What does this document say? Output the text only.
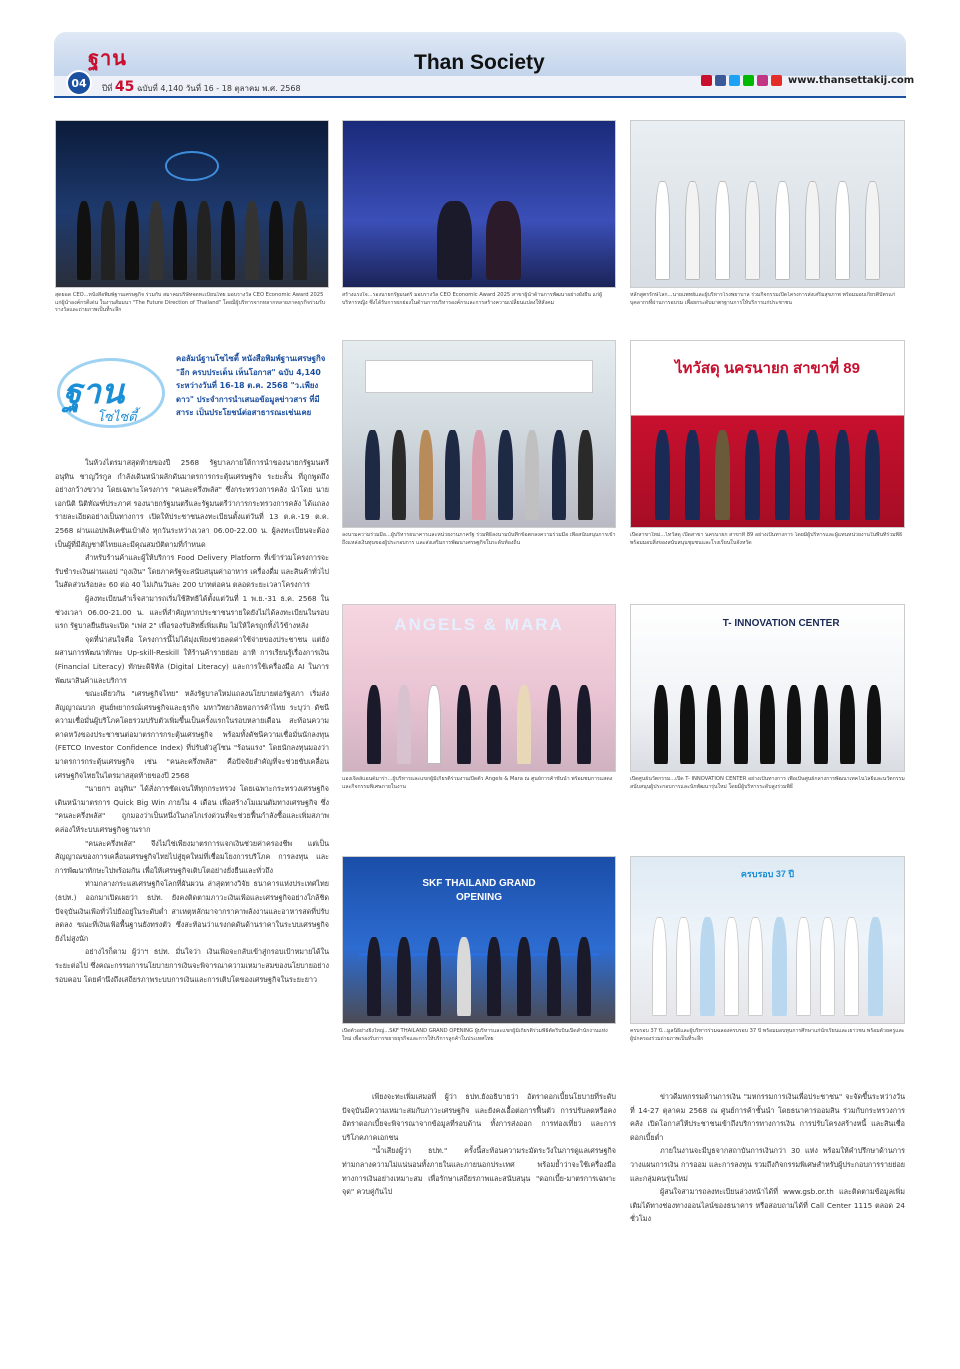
ฐาน	Than Society
04	ปีที่ 45 ฉบับที่ 4,140 วันที่ 16 - 18 ตุลาคม พ.ศ. 2568
www.thansettakij.com
สุดยอด CEO...หนังสือพิมพ์ฐานเศรษฐกิจ ร่วมกับ สมาคมบริษัทจดทะเบียนไทย มอบรางวัล CEO Economic Award 2025 แก่ผู้นำองค์กรดีเด่น ในงานสัมมนา "The Future Direction of Thailand" โดยมีผู้บริหารจากหลากหลายภาคธุรกิจร่วมรับรางวัลและถ่ายภาพเป็นที่ระลึก
สร้างแรงใจ...รองนายกรัฐมนตรี มอบรางวัล CEO Economic Award 2025 สาขาผู้นำด้านการพัฒนาอย่างยั่งยืน แก่ผู้บริหารหญิง ซึ่งได้รับการยกย่องในด้านการบริหารองค์กรและการสร้างความเปลี่ยนแปลงให้สังคม
หลักสูตรรักษ์โลก...นายแพทย์และผู้บริหารโรงพยาบาล ร่วมกิจกรรมเปิดโครงการส่งเสริมสุขภาพ พร้อมมอบเกียรติบัตรแก่บุคลากรที่ผ่านการอบรม เพื่อยกระดับมาตรฐานการให้บริการแก่ประชาชน
ฐาน
โซไซตี้
คอลัมน์ฐานโซไซตี้ หนังสือพิมพ์ฐานเศรษฐกิจ "อีก ครบประเด็น เห็นโอกาส" ฉบับ 4,140 ระหว่างวันที่ 16-18 ต.ค. 2568 "ว.เพียงดาว" ประจำการนำเสนอข้อมูลข่าวสาร ที่มีสาระ เป็นประโยชน์ต่อสาธารณะเช่นเคย

ในห้วงไตรมาสสุดท้ายของปี 2568 รัฐบาลภายใต้การนำของนายกรัฐมนตรี อนุทิน ชาญวีรกูล กำลังเดินหน้าผลักดันมาตรการกระตุ้นเศรษฐกิจ ระยะสั้น ที่ถูกพูดถึงอย่างกว้างขวาง โดยเฉพาะโครงการ "คนละครึ่งพลัส" ซึ่งกระทรวงการคลัง นำโดย นายเอกนิติ นิติทัณฑ์ประภาศ รองนายกรัฐมนตรีและรัฐมนตรีว่าการกระทรวงการคลัง ได้แถลงรายละเอียดอย่างเป็นทางการ เปิดให้ประชาชนลงทะเบียนตั้งแต่วันที่ 13 ต.ค.-19 ต.ค. 2568 ผ่านแอปพลิเคชันเป๋าตัง ทุกวันระหว่างเวลา 06.00-22.00 น. ผู้ลงทะเบียนจะต้องเป็นผู้ที่มีสัญชาติไทยและมีคุณสมบัติตามที่กำหนด

สำหรับร้านค้าและผู้ให้บริการ Food Delivery Platform ที่เข้าร่วมโครงการจะรับชำระเงินผ่านแอป "ถุงเงิน" โดยภาครัฐจะสนับสนุนค่าอาหาร เครื่องดื่ม และสินค้าทั่วไป ในสัดส่วนร้อยละ 60 ต่อ 40 ไม่เกินวันละ 200 บาทต่อคน ตลอดระยะเวลาโครงการ

ผู้ลงทะเบียนสำเร็จสามารถเริ่มใช้สิทธิได้ตั้งแต่วันที่ 1 พ.ย.-31 ธ.ค. 2568 ในช่วงเวลา 06.00-21.00 น. และที่สำคัญหากประชาชนรายใดยังไม่ได้ลงทะเบียนในรอบแรก รัฐบาลยืนยันจะเปิด "เฟส 2" เพื่อรองรับสิทธิ์เพิ่มเติม ไม่ให้ใครถูกทิ้งไว้ข้างหลัง

จุดที่น่าสนใจคือ โครงการนี้ไม่ได้มุ่งเพียงช่วยลดค่าใช้จ่ายของประชาชน แต่ยังผสานการพัฒนาทักษะ Up-skill-Reskill ให้ร้านค้ารายย่อย อาทิ การเรียนรู้เรื่องการเงิน (Financial Literacy) ทักษะดิจิทัล (Digital Literacy) และการใช้เครื่องมือ AI ในการพัฒนาสินค้าและบริการ

ขณะเดียวกัน "เศรษฐกิจไทย" หลังรัฐบาลใหม่แถลงนโยบายต่อรัฐสภา เริ่มส่งสัญญาณบวก ศูนย์พยากรณ์เศรษฐกิจและธุรกิจ มหาวิทยาลัยหอการค้าไทย ระบุว่า ดัชนีความเชื่อมั่นผู้บริโภคโดยรวมปรับตัวเพิ่มขึ้นเป็นครั้งแรกในรอบหลายเดือน สะท้อนความคาดหวังของประชาชนต่อมาตรการกระตุ้นเศรษฐกิจ พร้อมทั้งดัชนีความเชื่อมั่นนักลงทุน (FETCO Investor Confidence Index) ที่ปรับตัวสู่โซน "ร้อนแรง" โดยนักลงทุนมองว่ามาตรการกระตุ้นเศรษฐกิจ เช่น "คนละครึ่งพลัส" คือปัจจัยสำคัญที่จะช่วยขับเคลื่อนเศรษฐกิจไทยในไตรมาสสุดท้ายของปี 2568

"นายกฯ อนุทิน" ได้สั่งการชัดเจนให้ทุกกระทรวง โดยเฉพาะกระทรวงเศรษฐกิจ เดินหน้ามาตรการ Quick Big Win ภายใน 4 เดือน เพื่อสร้างโมเมนตัมทางเศรษฐกิจ ซึ่ง "คนละครึ่งพลัส" ถูกมองว่าเป็นหนึ่งในกลไกเร่งด่วนที่จะช่วยฟื้นกำลังซื้อและเพิ่มสภาพคล่องให้ระบบเศรษฐกิจฐานราก

"คนละครึ่งพลัส" จึงไม่ใช่เพียงมาตรการแจกเงินช่วยค่าครองชีพ แต่เป็นสัญญาณของการเคลื่อนเศรษฐกิจไทยไปสู่ยุคใหม่ที่เชื่อมโยงการบริโภค การลงทุน และการพัฒนาทักษะไปพร้อมกัน เพื่อให้เศรษฐกิจเติบโตอย่างยั่งยืนและทั่วถึง

ท่ามกลางกระแสเศรษฐกิจโลกที่ผันผวน ล่าสุดทางวิจัย ธนาคารแห่งประเทศไทย (ธปท.) ออกมาเปิดเผยว่า ธปท. ยังคงติดตามภาวะเงินเฟ้อและเศรษฐกิจอย่างใกล้ชิด ปัจจุบันเงินเฟ้อทั่วไปยังอยู่ในระดับต่ำ สาเหตุหลักมาจากราคาพลังงานและอาหารสดที่ปรับลดลง ขณะที่เงินเฟ้อพื้นฐานยังทรงตัว ซึ่งสะท้อนว่าแรงกดดันด้านราคาในระบบเศรษฐกิจยังไม่สูงนัก

อย่างไรก็ตาม ผู้ว่าฯ ธปท. มั่นใจว่า เงินเฟ้อจะกลับเข้าสู่กรอบเป้าหมายได้ในระยะต่อไป ซึ่งคณะกรรมการนโยบายการเงินจะพิจารณาความเหมาะสมของนโยบายอย่างรอบคอบ โดยคำนึงถึงเสถียรภาพระบบการเงินและการเติบโตของเศรษฐกิจในระยะยาว

ไทวัสดุ นครนายก สาขาที่ 89
ลงนามความร่วมมือ...ผู้บริหารธนาคารและหน่วยงานภาครัฐ ร่วมพิธีลงนามบันทึกข้อตกลงความร่วมมือ เพื่อสนับสนุนการเข้าถึงแหล่งเงินทุนของผู้ประกอบการ และส่งเสริมการพัฒนาเศรษฐกิจในระดับท้องถิ่น
เปิดสาขาใหม่...ไทวัสดุ เปิดสาขา นครนายก สาขาที่ 89 อย่างเป็นทางการ โดยมีผู้บริหารและผู้แทนหน่วยงานในพื้นที่ร่วมพิธี พร้อมมอบสิ่งของสนับสนุนชุมชนและโรงเรียนในจังหวัด
ANGELS & MARA	T- INNOVATION CENTER
แองเจิ้ลส์แอนด์มาร่า...ผู้บริหารและแขกผู้มีเกียรติร่วมงานเปิดตัว Angels & Mara ณ ศูนย์การค้าชั้นนำ พร้อมชมการแสดงและกิจกรรมพิเศษภายในงาน
เปิดศูนย์นวัตกรรม...เปิด T- INNOVATION CENTER อย่างเป็นทางการ เพื่อเป็นศูนย์กลางการพัฒนาเทคโนโลยีและนวัตกรรม สนับสนุนผู้ประกอบการและนักพัฒนารุ่นใหม่ โดยมีผู้บริหารระดับสูงร่วมพิธี
SKF THAILAND GRAND OPENING
ครบรอบ 37 ปี
เปิดตัวอย่างยิ่งใหญ่...SKF THAILAND GRAND OPENING ผู้บริหารและแขกผู้มีเกียรติร่วมพิธีตัดริบบิ้นเปิดสำนักงานแห่งใหม่ เพื่อรองรับการขยายธุรกิจและการให้บริการลูกค้าในประเทศไทย
ครบรอบ 37 ปี...มูลนิธิและผู้บริหารร่วมฉลองครบรอบ 37 ปี พร้อมมอบทุนการศึกษาแก่นักเรียนและเยาวชน พร้อมด้วยครูและผู้ปกครองร่วมถ่ายภาพเป็นที่ระลึก

เพียงจะทะเพิ่มเสมอที่ ผู้ว่า ธปท.ยังอธิบายว่า อัตราดอกเบี้ยนโยบายที่ระดับปัจจุบันมีความเหมาะสมกับภาวะเศรษฐกิจ และยังคงเอื้อต่อการฟื้นตัว การปรับลดหรือคงอัตราดอกเบี้ยจะพิจารณาจากข้อมูลที่รอบด้าน ทั้งการส่งออก การท่องเที่ยว และการบริโภคภาคเอกชน

"น้ำเสียงผู้ว่า ธปท." ครั้งนี้สะท้อนความระมัดระวังในการดูแลเศรษฐกิจ ท่ามกลางความไม่แน่นอนทั้งภายในและภายนอกประเทศ พร้อมย้ำว่าจะใช้เครื่องมือทางการเงินอย่างเหมาะสม เพื่อรักษาเสถียรภาพและสนับสนุน "ดอกเบี้ย-มาตรการเฉพาะจุด" ควบคู่กันไป

ข่าวดีมหกรรมด้านการเงิน "มหกรรมการเงินเพื่อประชาชน" จะจัดขึ้นระหว่างวันที่ 14-27 ตุลาคม 2568 ณ ศูนย์การค้าชั้นนำ โดยธนาคารออมสิน ร่วมกับกระทรวงการคลัง เปิดโอกาสให้ประชาชนเข้าถึงบริการทางการเงิน การปรับโครงสร้างหนี้ และสินเชื่อดอกเบี้ยต่ำ

ภายในงานจะมีบูธจากสถาบันการเงินกว่า 30 แห่ง พร้อมให้คำปรึกษาด้านการวางแผนการเงิน การออม และการลงทุน รวมถึงกิจกรรมพิเศษสำหรับผู้ประกอบการรายย่อยและกลุ่มคนรุ่นใหม่

ผู้สนใจสามารถลงทะเบียนล่วงหน้าได้ที่ www.gsb.or.th และติดตามข้อมูลเพิ่มเติมได้ทางช่องทางออนไลน์ของธนาคาร หรือสอบถามได้ที่ Call Center 1115 ตลอด 24 ชั่วโมง
